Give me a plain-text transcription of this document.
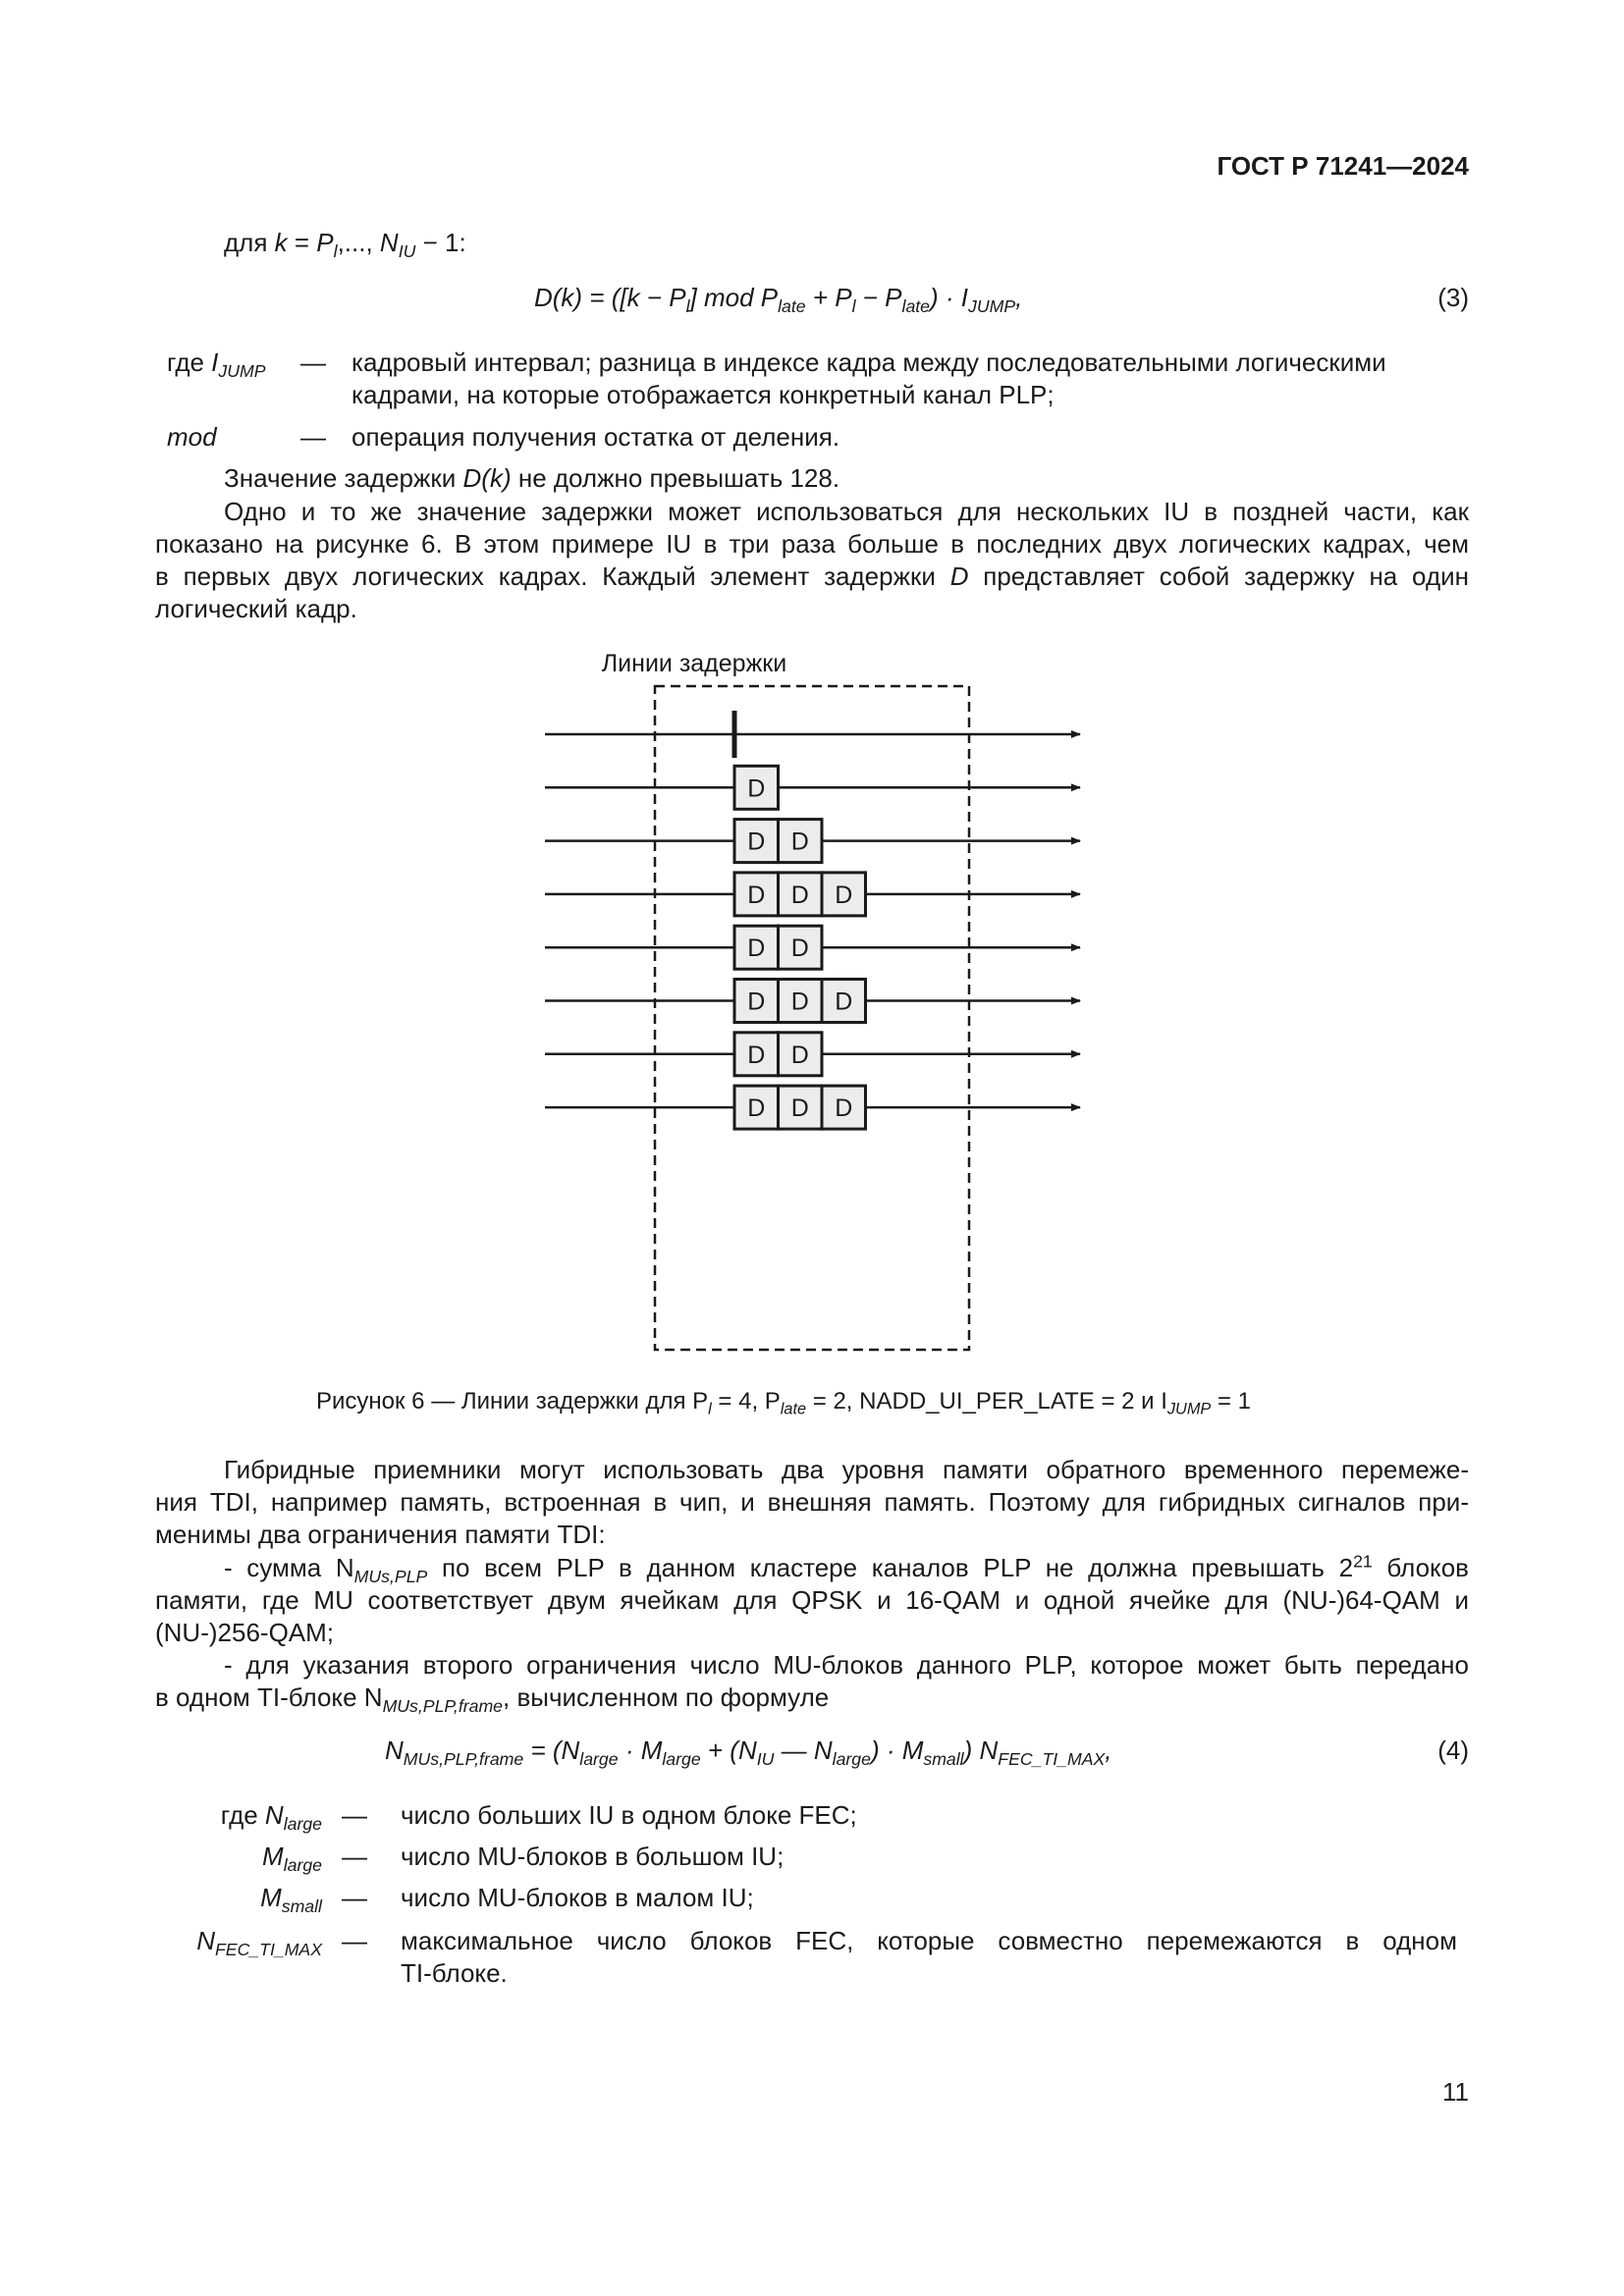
ГОСТ Р 71241—2024
для $k = P_l$,..., $N_{IU} - 1$:
$D(k) = ([k - P_l]$ mod $P_{late} + P_l - P_{late}) \cdot I_{JUMP}$,	(3)
где $I_{JUMP}$ — кадровый интервал; разница в индексе кадра между последовательными логическими
кадрами, на которые отображается конкретный канал PLP;
mod	— операция получения остатка от деления.
Значение задержки D(k) не должно превышать 128.
Одно и то же значение задержки может использоваться для нескольких IU в поздней части, как
показано на рисунке 6. В этом примере IU в три раза больше в последних двух логических кадрах, чем
в первых двух логических кадрах. Каждый элемент задержки D представляет собой задержку на один
логический кадр.
Линии задержки
D
D D
D D D
D D
D D D
D D
D D D
Рисунок 6 — Линии задержки для $P_l = 4$, $P_{late} = 2$, NADD_UI_PER_LATE = 2 и $I_{JUMP} = 1$
Гибридные приемники могут использовать два уровня памяти обратного временного перемеже-
ния TDI, например память, встроенная в чип, и внешняя память. Поэтому для гибридных сигналов при-
менимы два ограничения памяти TDI:
- сумма $N_{MUs,PLP}$ по всем PLP в данном кластере каналов PLP не должна превышать $2^{21}$ блоков
памяти, где MU соответствует двум ячейкам для QPSK и 16-QAM и одной ячейке для (NU-)64-QAM и
(NU-)256-QAM;
- для указания второго ограничения число MU-блоков данного PLP, которое может быть передано
в одном TI-блоке $N_{MUs,PLP,frame}$, вычисленном по формуле
$N_{MUs,PLP,frame} = (N_{large} \cdot M_{large} + (N_{IU}$ — $N_{large}) \cdot M_{small}$) $N_{FEC\_TI\_MAX}$,	(4)
где $N_{large}$ — число больших IU в одном блоке FEC;
$M_{large}$ — число MU-блоков в большом IU;
$M_{small}$ — число MU-блоков в малом IU;
$N_{FEC\_TI\_MAX}$ — максимальное число блоков FEC, которые совместно перемежаются в одном
TI-блоке.
11
